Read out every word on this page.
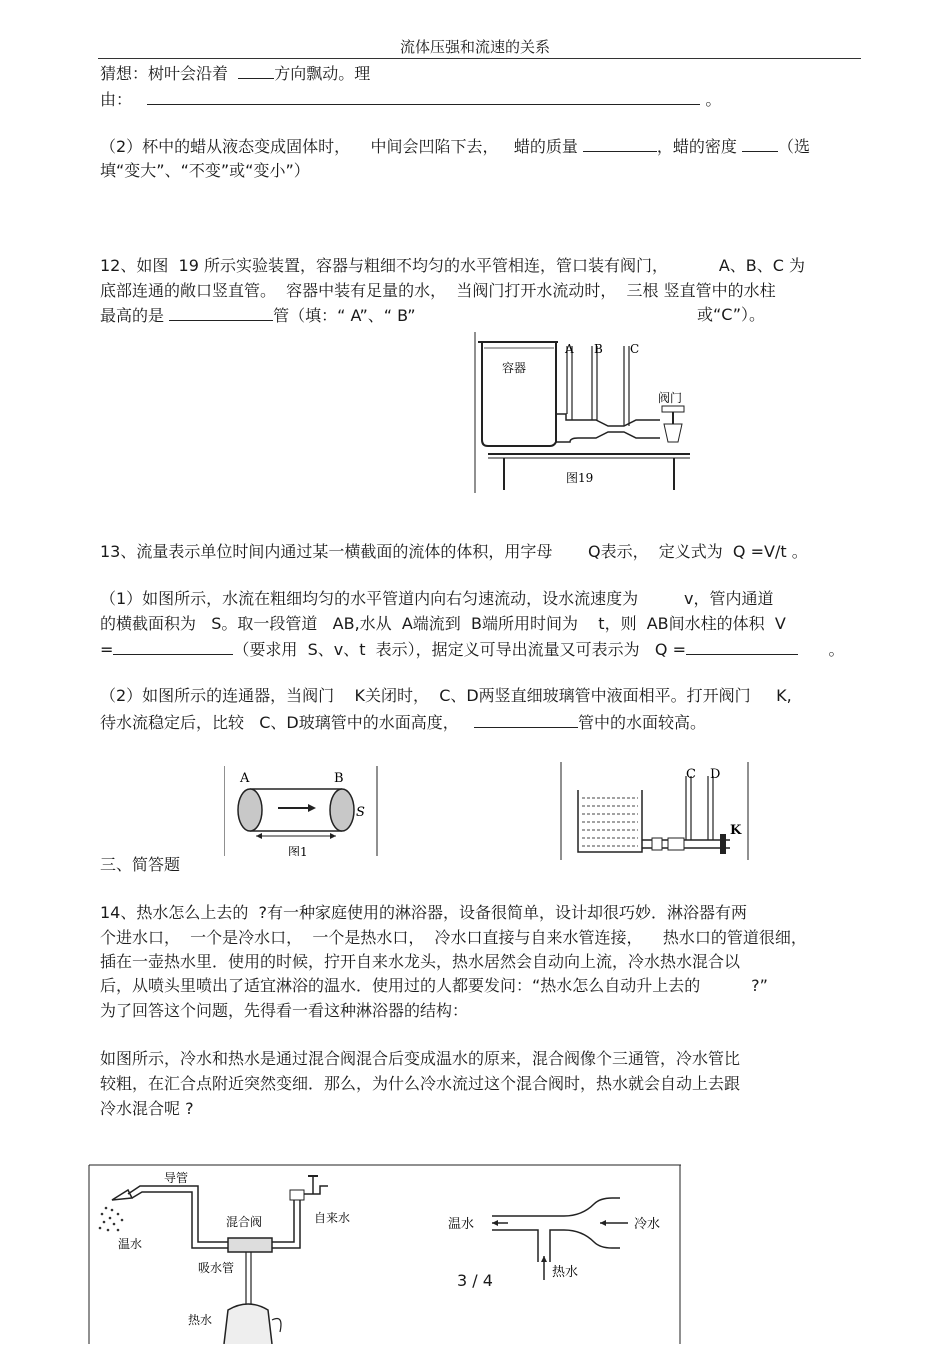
流体压强和流速的关系
猜想：树叶会沿着	方向飘动。理
由：	。
（2）杯中的蜡从液态变成固体时， 中间会凹陷下去， 蜡的质量	，蜡的密度	（选
填“变大”、“不变”或“变小”）
12、如图  19 所示实验装置，容器与粗细不均匀的水平管相连，管口装有阀门，	A、B、C 为
底部连通的敞口竖直管。  容器中装有足量的水，  当阀门打开水流动时，  三根 竖直管中的水柱
最高的是	管（填：“ A”、“ B”	或“C”）。
容器
A B C
阀门
图19
13、流量表示单位时间内通过某一横截面的流体的体积，用字母 Q表示，  定义式为  Q =V/t 。
（1）如图所示，水流在粗细均匀的水平管道内向右匀速流动，设水流速度为	v，管内通道
的横截面积为   S。取一段管道   AB,水从  A端流到  B端所用时间为    t，则  AB间水柱的体积  V
=	（要求用  S、v、t  表示），据定义可导出流量又可表示为 Q =	。
（2）如图所示的连通器，当阀门    K关闭时，  C、D两竖直细玻璃管中液面相平。打开阀门     K,
待水流稳定后，比较   C、D玻璃管中的水面高度，	管中的水面较高。
A	B
S
图1
C D
K
三、简答题
14、热水怎么上去的  ?有一种家庭使用的淋浴器，设备很简单，设计却很巧妙．淋浴器有两
个进水口，  一个是冷水口，  一个是热水口，  冷水口直接与自来水管连接，    热水口的管道很细，
插在一壶热水里．使用的时候，拧开自来水龙头，热水居然会自动向上流，冷水热水混合以
后，从喷头里喷出了适宜淋浴的温水．使用过的人都要发问：“热水怎么自动升上去的	?”
为了回答这个问题，先得看一看这种淋浴器的结构：
如图所示，冷水和热水是通过混合阀混合后变成温水的原来，混合阀像个三通管，冷水管比
较粗，在汇合点附近突然变细．那么，为什么冷水流过这个混合阀时，热水就会自动上去跟
冷水混合呢 ?
导管
温水
混合阀	自来水
吸水管
热水
温水	冷水
热水
3 / 4
